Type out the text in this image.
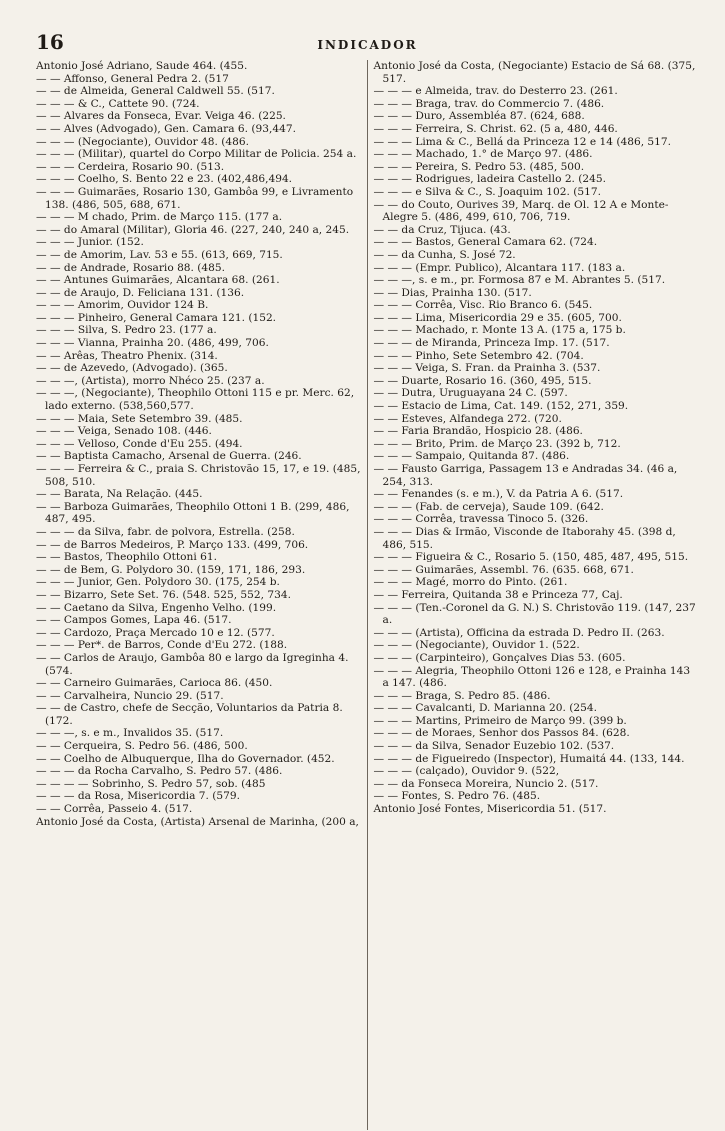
16	INDICADOR

Antonio José Adriano, Saude 464. (455.

— — Affonso, General Pedra 2. (517

— — de Almeida, General Caldwell 55. (517.

— — — & C., Cattete 90. (724.

— — Alvares da Fonseca, Evar. Veiga 46. (225.

— — Alves (Advogado), Gen. Camara 6. (93,447.

— — — (Negociante), Ouvidor 48. (486.

— — — (Militar), quartel do Corpo Militar de Policia. 254 a.

— — — Cerdeira, Rosario 90. (513.

— — — Coelho, S. Bento 22 e 23. (402,486,494.

— — — Guimarães, Rosario 130, Gambôa 99, e Livramento 138. (486, 505, 688, 671.

— — — M chado, Prim. de Março 115. (177 a.

— — do Amaral (Militar), Gloria 46. (227, 240, 240 a, 245.

— — — Junior. (152.

— — de Amorim, Lav. 53 e 55. (613, 669, 715.

— — de Andrade, Rosario 88. (485.

— — Antunes Guimarães, Alcantara 68. (261.

— — de Araujo, D. Feliciana 131. (136.

— — — Amorim, Ouvidor 124 B.

— — — Pinheiro, General Camara 121. (152.

— — — Silva, S. Pedro 23. (177 a.

— — — Vianna, Prainha 20. (486, 499, 706.

— — Arêas, Theatro Phenix. (314.

— — de Azevedo, (Advogado). (365.

— — —, (Artista), morro Nhéco 25. (237 a.

— — —, (Negociante), Theophilo Ottoni 115 e pr. Merc. 62, lado externo. (538,560,577.

— — — Maia, Sete Setembro 39. (485.

— — — Veiga, Senado 108. (446.

— — — Velloso, Conde d'Eu 255. (494.

— — Baptista Camacho, Arsenal de Guerra. (246.

— — — Ferreira & C., praia S. Christovão 15, 17, e 19. (485, 508, 510.

— — Barata, Na Relação. (445.

— — Barboza Guimarães, Theophilo Ottoni 1 B. (299, 486, 487, 495.

— — — da Silva, fabr. de polvora, Estrella. (258.

— — de Barros Medeiros, P. Março 133. (499, 706.

— — Bastos, Theophilo Ottoni 61.

— — de Bem, G. Polydoro 30. (159, 171, 186, 293.

— — — Junior, Gen. Polydoro 30. (175, 254 b.

— — Bizarro, Sete Set. 76. (548. 525, 552, 734.

— — Caetano da Silva, Engenho Velho. (199.

— — Campos Gomes, Lapa 46. (517.

— — Cardozo, Praça Mercado 10 e 12. (577.

— — — Per*. de Barros, Conde d'Eu 272. (188.

— — Carlos de Araujo, Gambôa 80 e largo da Igreginha 4. (574.

— — Carneiro Guimarães, Carioca 86. (450.

— — Carvalheira, Nuncio 29. (517.

— — de Castro, chefe de Secção, Voluntarios da Patria 8. (172.

— — —, s. e m., Invalidos 35. (517.

— — Cerqueira, S. Pedro 56. (486, 500.

— — Coelho de Albuquerque, Ilha do Governador. (452.

— — — da Rocha Carvalho, S. Pedro 57. (486.

— — — — Sobrinho, S. Pedro 57, sob. (485

— — — da Rosa, Misericordia 7. (579.

— — Corrêa, Passeio 4. (517.

Antonio José da Costa, (Artista) Arsenal de Marinha, (200 a,

Antonio José da Costa, (Negociante) Estacio de Sá 68. (375, 517.

— — — e Almeida, trav. do Desterro 23. (261.

— — — Braga, trav. do Commercio 7. (486.

— — — Duro, Assembléa 87. (624, 688.

— — — Ferreira, S. Christ. 62. (5 a, 480, 446.

— — — Lima & C., Bellá da Princeza 12 e 14 (486, 517.

— — — Machado, 1.° de Março 97. (486.

— — — Pereira, S. Pedro 53. (485, 500.

— — — Rodrigues, ladeira Castello 2. (245.

— — — e Silva & C., S. Joaquim 102. (517.

— — do Couto, Ourives 39, Marq. de Ol. 12 A e Monte-Alegre 5. (486, 499, 610, 706, 719.

— — da Cruz, Tijuca. (43.

— — — Bastos, General Camara 62. (724.

— — da Cunha, S. José 72.

— — — (Empr. Publico), Alcantara 117. (183 a.

— — —, s. e m., pr. Formosa 87 e M. Abrantes 5. (517.

— — Dias, Prainha 130. (517.

— — — Corrêa, Visc. Rio Branco 6. (545.

— — — Lima, Misericordia 29 e 35. (605, 700.

— — — Machado, r. Monte 13 A. (175 a, 175 b.

— — — de Miranda, Princeza Imp. 17. (517.

— — — Pinho, Sete Setembro 42. (704.

— — — Veiga, S. Fran. da Prainha 3. (537.

— — Duarte, Rosario 16. (360, 495, 515.

— — Dutra, Uruguayana 24 C. (597.

— — Estacio de Lima, Cat. 149. (152, 271, 359.

— — Esteves, Alfandega 272. (720.

— — Faria Brandão, Hospicio 28. (486.

— — — Brito, Prim. de Março 23. (392 b, 712.

— — — Sampaio, Quitanda 87. (486.

— — Fausto Garriga, Passagem 13 e Andradas 34. (46 a, 254, 313.

— — Fenandes (s. e m.), V. da Patria A 6. (517.

— — — (Fab. de cerveja), Saude 109. (642.

— — — Corrêa, travessa Tinoco 5. (326.

— — — Dias & Irmão, Visconde de Itaborahy 45. (398 d, 486, 515.

— — — Figueira & C., Rosario 5. (150, 485, 487, 495, 515.

— — — Guimarães, Assembl. 76. (635. 668, 671.

— — — Magé, morro do Pinto. (261.

— — Ferreira, Quitanda 38 e Princeza 77, Caj.

— — — (Ten.-Coronel da G. N.) S. Christovão 119. (147, 237 a.

— — — (Artista), Officina da estrada D. Pedro II. (263.

— — — (Negociante), Ouvidor 1. (522.

— — — (Carpinteiro), Gonçalves Dias 53. (605.

— — — Alegria, Theophilo Ottoni 126 e 128, e Prainha 143 a 147. (486.

— — — Braga, S. Pedro 85. (486.

— — — Cavalcanti, D. Marianna 20. (254.

— — — Martins, Primeiro de Março 99. (399 b.

— — — de Moraes, Senhor dos Passos 84. (628.

— — — da Silva, Senador Euzebio 102. (537.

— — — de Figueiredo (Inspector), Humaitá 44. (133, 144.

— — — (calçado), Ouvidor 9. (522,

— — da Fonseca Moreira, Nuncio 2. (517.

— — Fontes, S. Pedro 76. (485.

Antonio José Fontes, Misericordia 51. (517.
